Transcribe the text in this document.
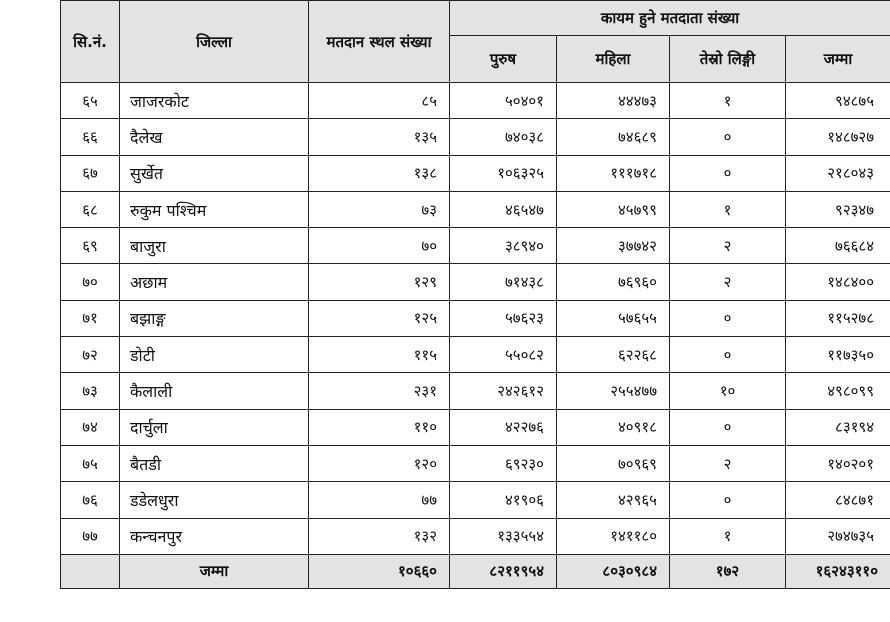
सि.नं.	जिल्ला	मतदान स्थल संख्या	कायम हुने मतदाता संख्या			
			पुरुष	महिला	तेस्रो लिङ्गी	जम्मा
६५	जाजरकोट	८५	५०४०१	४४४७३	१	९४८७५
६६	दैलेख	१३५	७४०३८	७४६८९	०	१४८७२७
६७	सुर्खेत	१३८	१०६३२५	१११७१८	०	२१८०४३
६८	रुकुम पश्चिम	७३	४६५४७	४५७९९	१	९२३४७
६९	बाजुरा	७०	३८९४०	३७७४२	२	७६६८४
७०	अछाम	१२९	७१४३८	७६९६०	२	१४८४००
७१	बझाङ्ग	१२५	५७६२३	५७६५५	०	११५२७८
७२	डोटी	११५	५५०८२	६२२६८	०	११७३५०
७३	कैलाली	२३१	२४२६१२	२५५४७७	१०	४९८०९९
७४	दार्चुला	११०	४२२७६	४०९१८	०	८३१९४
७५	बैतडी	१२०	६९२३०	७०९६९	२	१४०२०१
७६	डडेलधुरा	७७	४१९०६	४२९६५	०	८४८७१
७७	कन्चनपुर	१३२	१३३५५४	१४११८०	१	२७४७३५
	जम्मा	१०६६०	८२११९५४	८०३०९८४	१७२	१६२४३११०
